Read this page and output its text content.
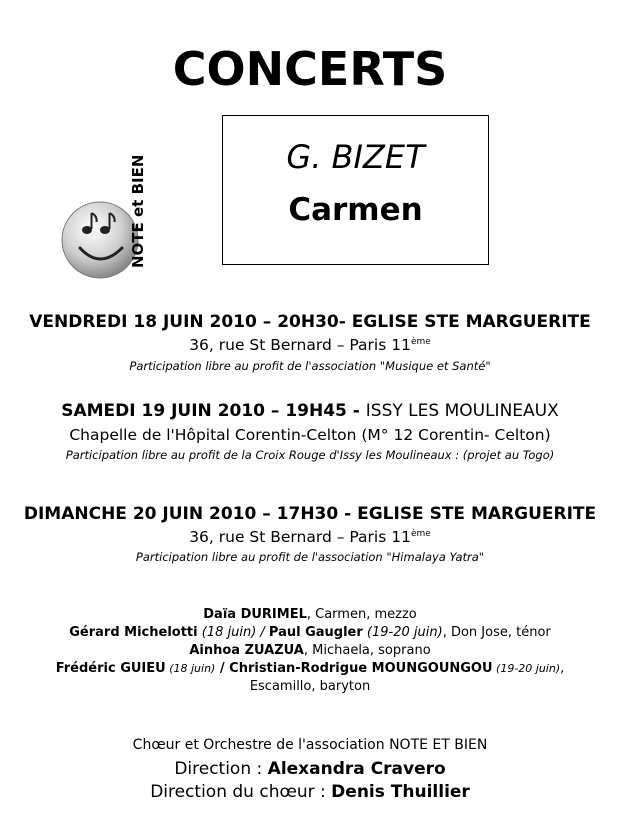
CONCERTS
NOTE et BIEN	G. BIZET
Carmen
VENDREDI 18 JUIN 2010 – 20H30- EGLISE STE MARGUERITE
36, rue St Bernard – Paris 11ème
Participation libre au profit de l'association "Musique et Santé"
SAMEDI 19 JUIN 2010 – 19H45 - ISSY LES MOULINEAUX
Chapelle de l'Hôpital Corentin-Celton (M° 12 Corentin- Celton)
Participation libre au profit de la Croix Rouge d'Issy les Moulineaux : (projet au Togo)
DIMANCHE 20 JUIN 2010 – 17H30 - EGLISE STE MARGUERITE
36, rue St Bernard – Paris 11ème
Participation libre au profit de l'association "Himalaya Yatra"
Daïa DURIMEL, Carmen, mezzo
Gérard Michelotti (18 juin) / Paul Gaugler (19-20 juin), Don Jose, ténor
Ainhoa ZUAZUA, Michaela, soprano
Frédéric GUIEU (18 juin) / Christian-Rodrigue MOUNGOUNGOU (19-20 juin),
Escamillo, baryton
Chœur et Orchestre de l'association NOTE ET BIEN
Direction : Alexandra Cravero
Direction du chœur : Denis Thuillier
